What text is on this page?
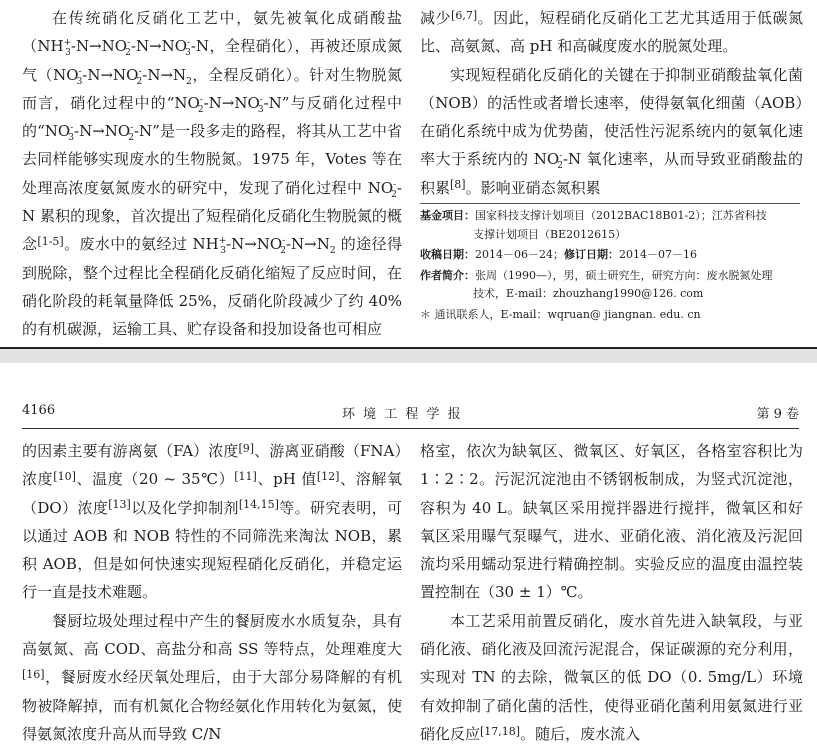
在传统硝化反硝化工艺中，氨先被氧化成硝酸盐（$NH^+_3-N\to NO^-_2-N\to NO^-_3-N$，全程硝化），再被还原成氮气（$NO^-_3-N\to NO^-_2-N\to N_2$，全程反硝化）。针对生物脱氮而言，硝化过程中的“$NO^-_2-N\to NO^-_3-N$”与反硝化过程中的“$NO^-_3-N\to NO^-_2-N$”是一段多走的路程，将其从工艺中省去同样能够实现废水的生物脱氮。1975 年，Votes 等在处理高浓度氨氮废水的研究中，发现了硝化过程中 $NO^-_2-N$ 累积的现象，首次提出了短程硝化反硝化生物脱氮的概念[1-5]。废水中的氨经过 $NH^+_3-N\to NO^-_2-N\to N_2$ 的途径得到脱除，整个过程比全程硝化反硝化缩短了反应时间，在硝化阶段的耗氧量降低 25%，反硝化阶段减少了约 40% 的有机碳源，运输工具、贮存设备和投加设备也可相应

减少[6,7]。因此，短程硝化反硝化工艺尤其适用于低碳氮比、高氨氮、高 pH 和高碱度废水的脱氮处理。

实现短程硝化反硝化的关键在于抑制亚硝酸盐氧化菌（NOB）的活性或者增长速率，使得氨氧化细菌（AOB）在硝化系统中成为优势菌，使活性污泥系统内的氨氧化速率大于系统内的 $NO^-_2-N$ 氧化速率，从而导致亚硝酸盐的积累[8]。影响亚硝态氮积累

基金项目：国家科技支撑计划项目（2012BAC18B01-2）；江苏省科技
支撑计划项目（BE2012615）
收稿日期：2014－06－24；修订日期：2014－07－16
作者简介：张周（1990—），男，硕士研究生，研究方向：废水脱氮处理
技术，E-mail：zhouzhang1990@126. com
＊ 通讯联系人，E-mail：wqruan@ jiangnan. edu. cn
4166	环 境 工 程 学 报	第 9 卷

的因素主要有游离氨（FA）浓度[9]、游离亚硝酸（FNA）浓度[10]、温度（20 ~ 35℃）[11]、pH 值[12]、溶解氧（DO）浓度[13]以及化学抑制剂[14,15]等。研究表明，可以通过 AOB 和 NOB 特性的不同筛洗来淘汰 NOB，累积 AOB，但是如何快速实现短程硝化反硝化，并稳定运行一直是技术难题。

餐厨垃圾处理过程中产生的餐厨废水水质复杂，具有高氨氮、高 COD、高盐分和高 SS 等特点，处理难度大[16]，餐厨废水经厌氧处理后，由于大部分易降解的有机物被降解掉，而有机氮化合物经氨化作用转化为氨氮，使得氨氮浓度升高从而导致 C/N

格室，依次为缺氧区、微氧区、好氧区，各格室容积比为 1∶2∶2。污泥沉淀池由不锈钢板制成，为竖式沉淀池，容积为 40 L。缺氧区采用搅拌器进行搅拌，微氧区和好氧区采用曝气泵曝气，进水、亚硝化液、消化液及污泥回流均采用蠕动泵进行精确控制。实验反应的温度由温控装置控制在（30 ± 1）℃。

本工艺采用前置反硝化，废水首先进入缺氧段，与亚硝化液、硝化液及回流污泥混合，保证碳源的充分利用，实现对 TN 的去除，微氧区的低 DO（0. 5mg/L）环境有效抑制了硝化菌的活性，使得亚硝化菌利用氨氮进行亚硝化反应[17,18]。随后，废水流入
